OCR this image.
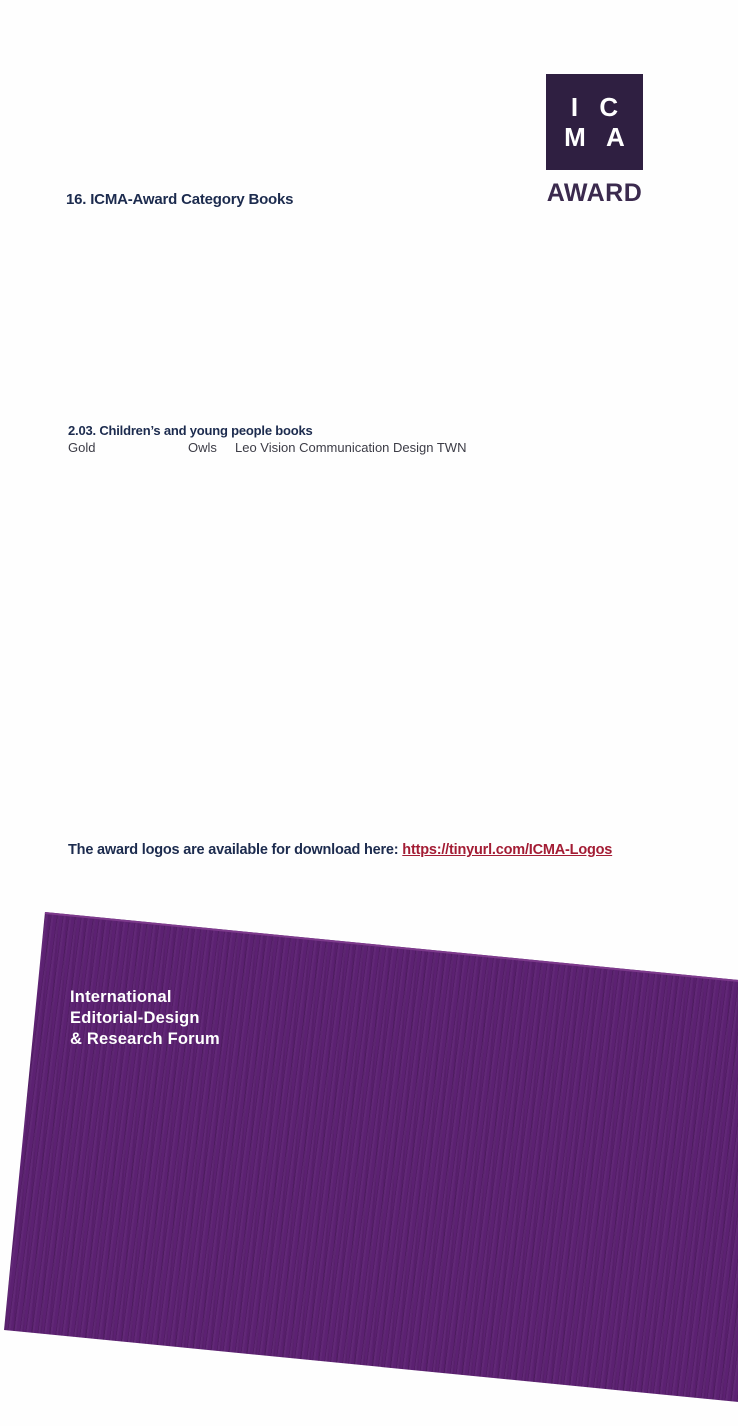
I C
M A
AWARD
16. ICMA-Award Category Books
2.03. Children’s and young people books
Gold	Owls Leo Vision Communication Design TWN

The award logos are available for download here: https://tinyurl.com/ICMA-Logos

International
Editorial-Design
& Research Forum
